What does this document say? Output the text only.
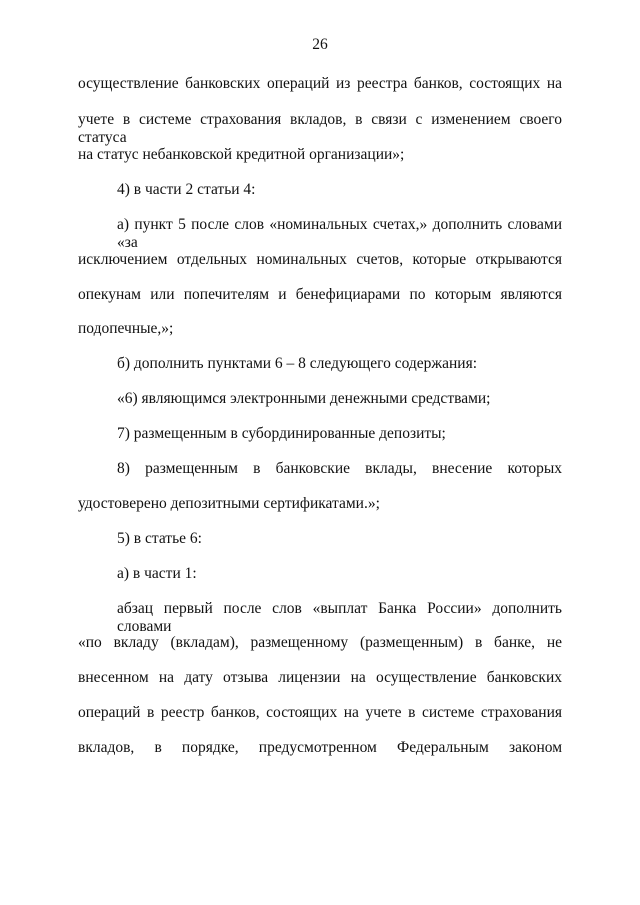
26
осуществление банковских операций из реестра банков, состоящих на
учете в системе страхования вкладов, в связи с изменением своего статуса
на статус небанковской кредитной организации»;
4) в части 2 статьи 4:
а) пункт 5 после слов «номинальных счетах,» дополнить словами «за
исключением отдельных номинальных счетов, которые открываются
опекунам или попечителям и бенефициарами по которым являются
подопечные,»;
б) дополнить пунктами 6 – 8 следующего содержания:
«6) являющимся электронными денежными средствами;
7) размещенным в субординированные депозиты;
8) размещенным в банковские вклады, внесение которых
удостоверено депозитными сертификатами.»;
5) в статье 6:
а) в части 1:
абзац первый после слов «выплат Банка России» дополнить словами
«по вкладу (вкладам), размещенному (размещенным) в банке, не
внесенном на дату отзыва лицензии на осуществление банковских
операций в реестр банков, состоящих на учете в системе страхования
вкладов, в порядке, предусмотренном Федеральным законом
